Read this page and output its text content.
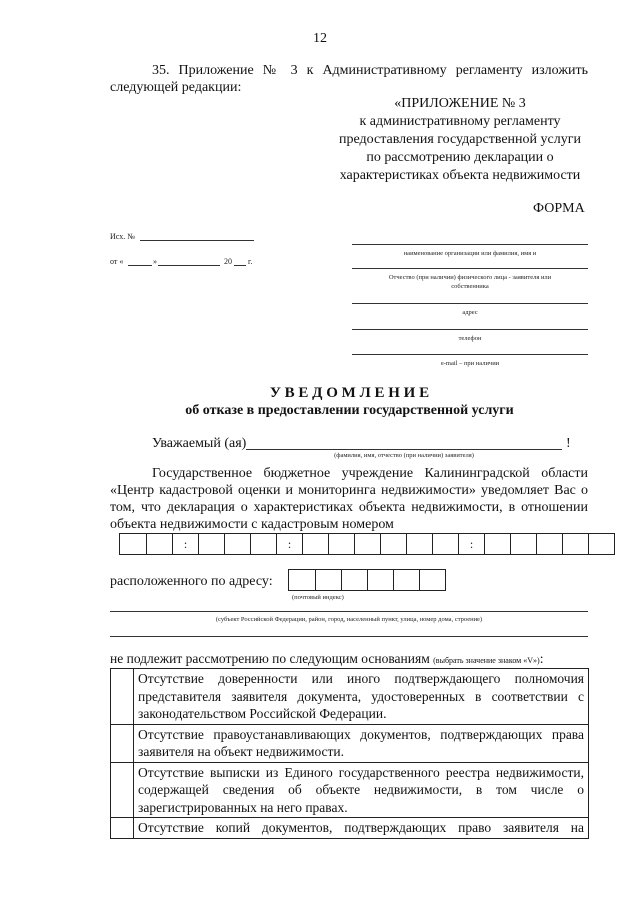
12
35. Приложение № 3 к Административному регламенту изложить
следующей редакции:
«ПРИЛОЖЕНИЕ № 3
к административному регламенту
предоставления государственной услуги
по рассмотрению декларации о
характеристиках объекта недвижимости
ФОРМА
Исх. №
от «	»	20 г.
наименование организации или фамилия, имя и
Отчество (при наличии) физического лица - заявителя или
собственника
адрес
телефон
e-mail – при наличии
У В Е Д О М Л Е Н И Е
об отказе в предоставлении государственной услуги
Уважаемый (ая)	!
(фамилия, имя, отчество (при наличии) заявителя)
Государственное бюджетное учреждение Калининградской области
«Центр кадастровой оценки и мониторинга недвижимости» уведомляет Вас о
том, что декларация о характеристиках объекта недвижимости, в отношении
объекта недвижимости с кадастровым номером
:	:	:
расположенного по адресу:
(почтовый индекс)
(субъект Российской Федерации, район, город, населенный пункт, улица, номер дома, строение)
не подлежит рассмотрению по следующим основаниям (выбрать значение знаком «V»):

	Отсутствие доверенности или иного подтверждающего полномочия
представителя заявителя документа, удостоверенных в соответствии с
законодательством Российской Федерации.

	Отсутствие правоустанавливающих документов, подтверждающих права
заявителя на объект недвижимости.

	Отсутствие выписки из Единого государственного реестра недвижимости,
содержащей сведения об объекте недвижимости, в том числе о
зарегистрированных на него правах.

	Отсутствие копий документов, подтверждающих право заявителя на
